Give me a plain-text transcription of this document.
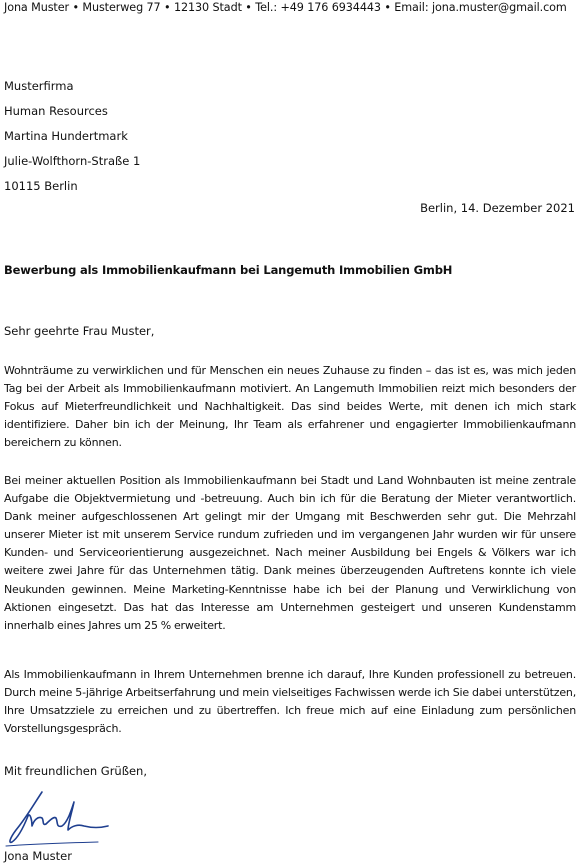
Jona Muster • Musterweg 77 • 12130 Stadt • Tel.: +49 176 6934443 • Email: jona.muster@gmail.com
Musterfirma
Human Resources
Martina Hundertmark
Julie-Wolfthorn-Straße 1
10115 Berlin
Berlin, 14. Dezember 2021
Bewerbung als Immobilienkaufmann bei Langemuth Immobilien GmbH
Sehr geehrte Frau Muster,

Wohnträume zu verwirklichen und für Menschen ein neues Zuhause zu finden – das ist es, was mich jeden Tag bei der Arbeit als Immobilienkaufmann motiviert. An Langemuth Immobilien reizt mich besonders der Fokus auf Mieterfreundlichkeit und Nachhaltigkeit. Das sind beides Werte, mit denen ich mich stark identifiziere. Daher bin ich der Meinung, Ihr Team als erfahrener und engagierter Immobilienkaufmann bereichern zu können.

Bei meiner aktuellen Position als Immobilienkaufmann bei Stadt und Land Wohnbauten ist meine zentrale Aufgabe die Objektvermietung und -betreuung. Auch bin ich für die Beratung der Mieter verantwortlich. Dank meiner aufgeschlossenen Art gelingt mir der Umgang mit Beschwerden sehr gut. Die Mehrzahl unserer Mieter ist mit unserem Service rundum zufrieden und im vergangenen Jahr wurden wir für unsere Kunden- und Serviceorientierung ausgezeichnet. Nach meiner Ausbildung bei Engels & Völkers war ich weitere zwei Jahre für das Unternehmen tätig. Dank meines überzeugenden Auftretens konnte ich viele Neukunden gewinnen. Meine Marketing-Kenntnisse habe ich bei der Planung und Verwirklichung von Aktionen eingesetzt. Das hat das Interesse am Unternehmen gesteigert und unseren Kundenstamm innerhalb eines Jahres um 25 % erweitert.

Als Immobilienkaufmann in Ihrem Unternehmen brenne ich darauf, Ihre Kunden professionell zu betreuen. Durch meine 5-jährige Arbeitserfahrung und mein vielseitiges Fachwissen werde ich Sie dabei unterstützen, Ihre Umsatzziele zu erreichen und zu übertreffen. Ich freue mich auf eine Einladung zum persönlichen Vorstellungsgespräch.

Mit freundlichen Grüßen,
Jona Muster
